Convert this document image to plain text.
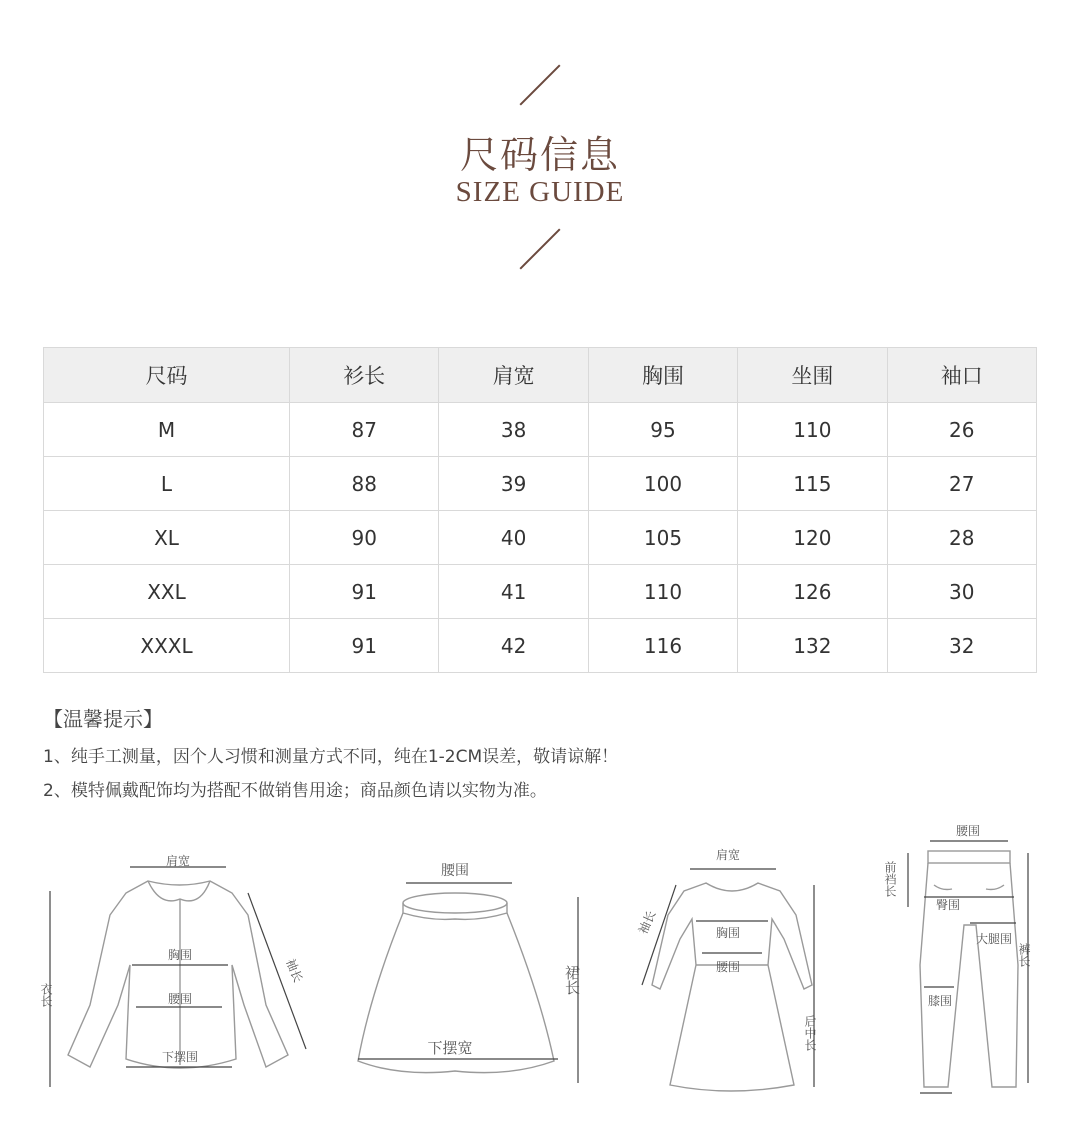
尺码信息
SIZE GUIDE
尺码	衫长	肩宽	胸围	坐围	袖口
M	87	38	95	110	26
L	88	39	100	115	27
XL	90	40	105	120	28
XXL	91	41	110	126	30
XXXL	91	42	116	132	32
【温馨提示】
1、纯手工测量，因个人习惯和测量方式不同，纯在1-2CM误差，敬请谅解！
2、模特佩戴配饰均为搭配不做销售用途；商品颜色请以实物为准。
肩宽
衣长
袖长
胸围
腰围
下摆围
腰围
裙长
下摆宽
肩宽
袖长	胸围
腰围
后中长
腰围
前裆长
臀围
大腿围
裤长
膝围
